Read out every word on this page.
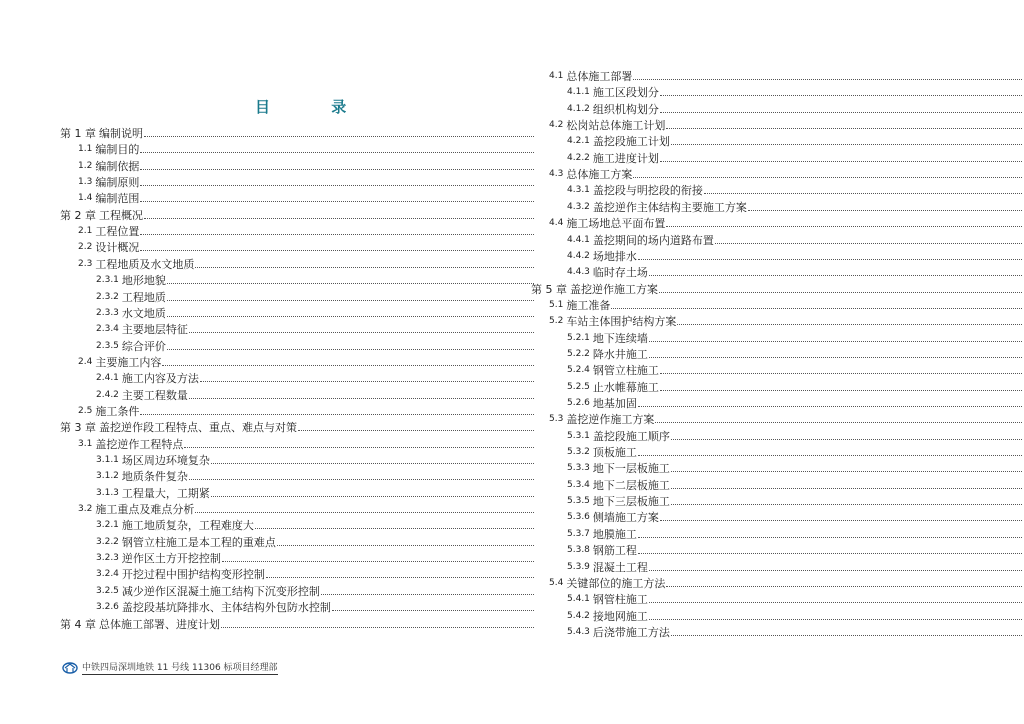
目 录
第 1 章 编制说明
1.1 编制目的
1.2 编制依据
1.3 编制原则
1.4 编制范围
第 2 章 工程概况
2.1 工程位置
2.2 设计概况
2.3 工程地质及水文地质
2.3.1 地形地貌
2.3.2 工程地质
2.3.3 水文地质
2.3.4 主要地层特征
2.3.5 综合评价
2.4 主要施工内容
2.4.1 施工内容及方法
2.4.2 主要工程数量
2.5 施工条件
第 3 章 盖挖逆作段工程特点、重点、难点与对策
3.1 盖挖逆作工程特点
3.1.1 场区周边环境复杂
3.1.2 地质条件复杂
3.1.3 工程量大，工期紧
3.2 施工重点及难点分析
3.2.1 施工地质复杂，工程难度大
3.2.2 钢管立柱施工是本工程的重难点
3.2.3 逆作区土方开挖控制
3.2.4 开挖过程中围护结构变形控制
3.2.5 减少逆作区混凝土施工结构下沉变形控制
3.2.6 盖挖段基坑降排水、主体结构外包防水控制
第 4 章 总体施工部署、进度计划
4.1 总体施工部署
4.1.1 施工区段划分
4.1.2 组织机构划分
4.2 松岗站总体施工计划
4.2.1 盖挖段施工计划
4.2.2 施工进度计划
4.3 总体施工方案
4.3.1 盖挖段与明挖段的衔接
4.3.2 盖挖逆作主体结构主要施工方案
4.4 施工场地总平面布置
4.4.1 盖挖期间的场内道路布置
4.4.2 场地排水
4.4.3 临时存土场
第 5 章 盖挖逆作施工方案
5.1 施工准备
5.2 车站主体围护结构方案
5.2.1 地下连续墙
5.2.2 降水井施工
5.2.4 钢管立柱施工
5.2.5 止水帷幕施工
5.2.6 地基加固
5.3 盖挖逆作施工方案
5.3.1 盖挖段施工顺序
5.3.2 顶板施工
5.3.3 地下一层板施工
5.3.4 地下二层板施工
5.3.5 地下三层板施工
5.3.6 侧墙施工方案
5.3.7 地膜施工
5.3.8 钢筋工程
5.3.9 混凝土工程
5.4 关键部位的施工方法
5.4.1 钢管柱施工
5.4.2 接地网施工
5.4.3 后浇带施工方法
中铁四局深圳地铁 11 号线 11306 标项目经理部
